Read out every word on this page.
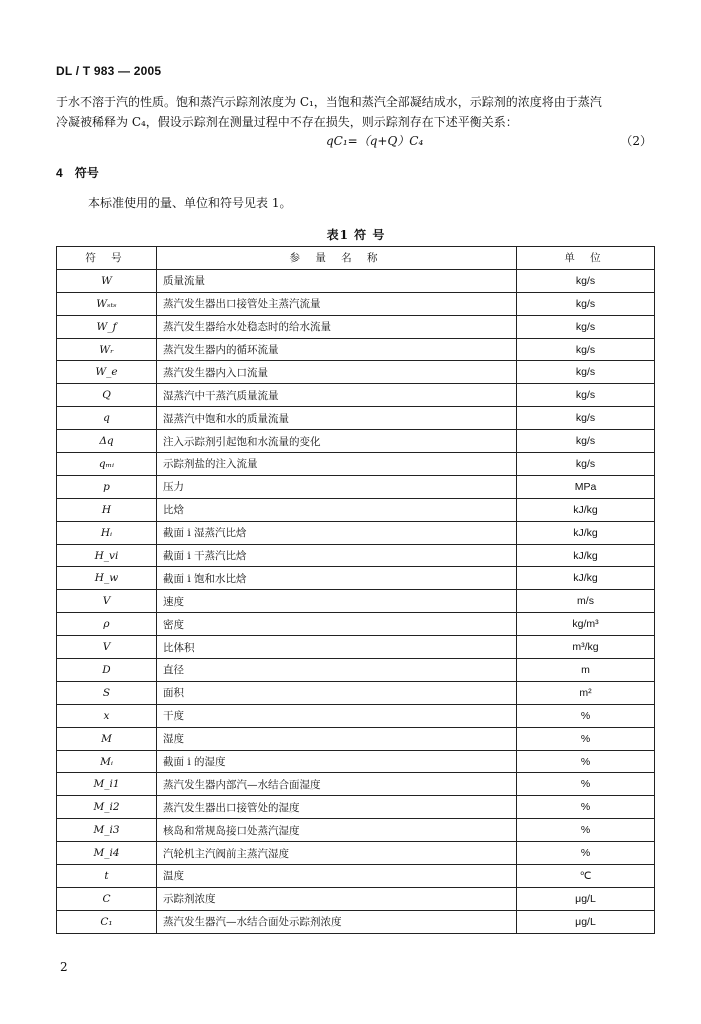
DL / T 983 — 2005
于水不溶于汽的性质。饱和蒸汽示踪剂浓度为 C₁，当饱和蒸汽全部凝结成水，示踪剂的浓度将由于蒸汽
冷凝被稀释为 C₄，假设示踪剂在测量过程中不存在损失，则示踪剂存在下述平衡关系：
qC₁=（q+Q）C₄	（2）
4 符号
本标准使用的量、单位和符号见表 1。
表1 符 号
符 号	参 量 名 称	单 位
W	质量流量	kg/s
Wₛₜₛ	蒸汽发生器出口接管处主蒸汽流量	kg/s
W_f	蒸汽发生器给水处稳态时的给水流量	kg/s
Wᵣ	蒸汽发生器内的循环流量	kg/s
W_e	蒸汽发生器内入口流量	kg/s
Q	湿蒸汽中干蒸汽质量流量	kg/s
q	湿蒸汽中饱和水的质量流量	kg/s
Δq	注入示踪剂引起饱和水流量的变化	kg/s
qₘᵢ	示踪剂盐的注入流量	kg/s
p	压力	MPa
H	比焓	kJ/kg
Hᵢ	截面 i 湿蒸汽比焓	kJ/kg
H_vi	截面 i 干蒸汽比焓	kJ/kg
H_w	截面 i 饱和水比焓	kJ/kg
V	速度	m/s
ρ	密度	kg/m³
V	比体积	m³/kg
D	直径	m
S	面积	m²
x	干度	%
M	湿度	%
Mᵢ	截面 i 的湿度	%
M_i1	蒸汽发生器内部汽—水结合面湿度	%
M_i2	蒸汽发生器出口接管处的湿度	%
M_i3	核岛和常规岛接口处蒸汽湿度	%
M_i4	汽轮机主汽阀前主蒸汽湿度	%
t	温度	℃
C	示踪剂浓度	μg/L
C₁	蒸汽发生器汽—水结合面处示踪剂浓度	μg/L
2
